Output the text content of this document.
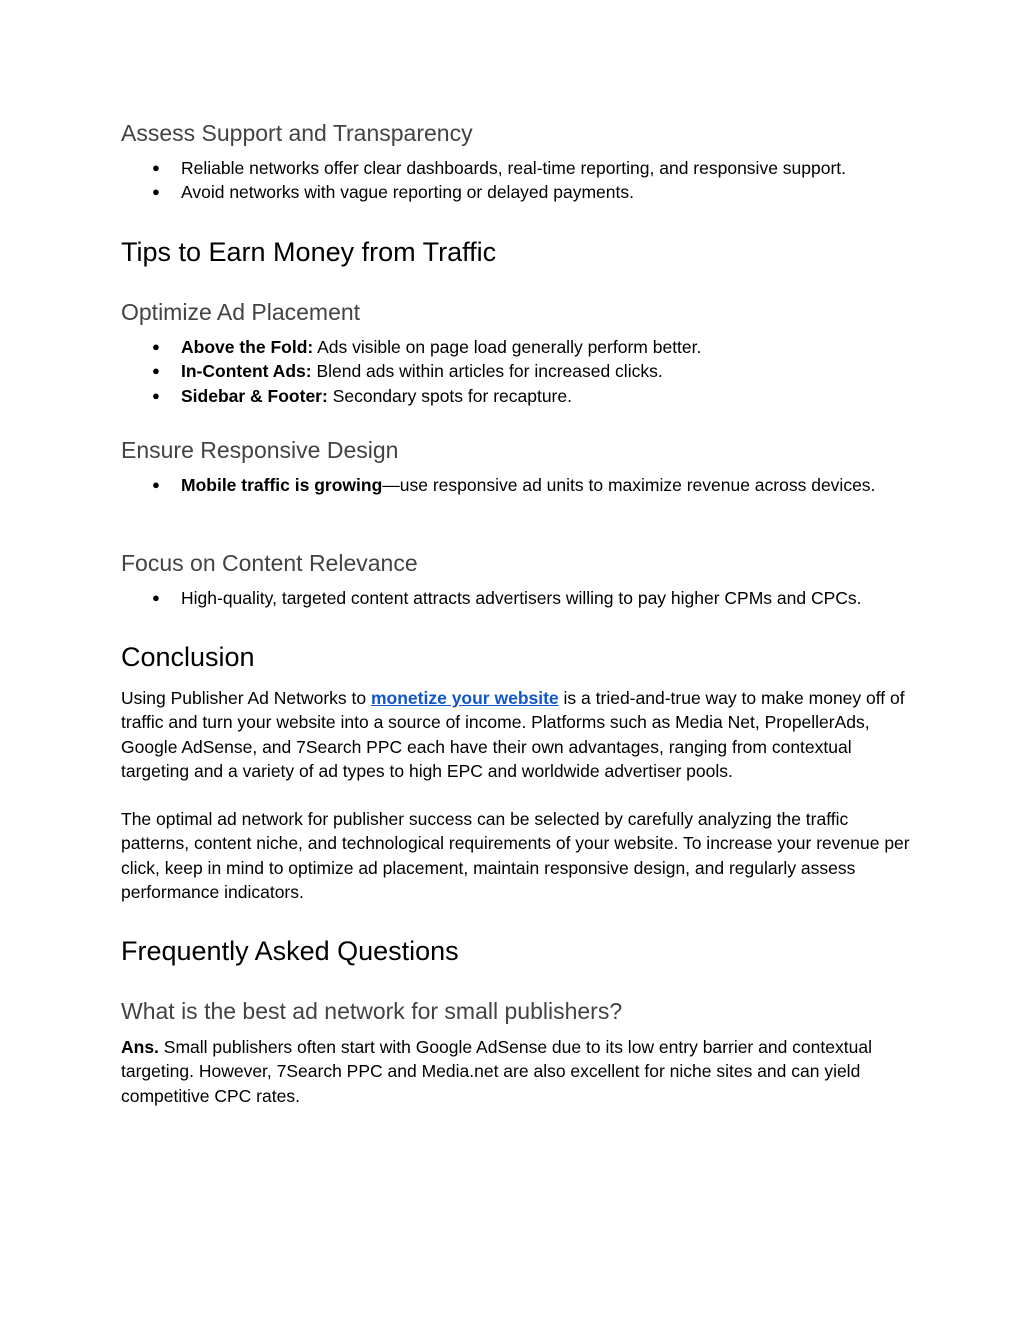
Assess Support and Transparency
● Reliable networks offer clear dashboards, real-time reporting, and responsive support.
● Avoid networks with vague reporting or delayed payments.
Tips to Earn Money from Traffic
Optimize Ad Placement
● Above the Fold: Ads visible on page load generally perform better.
● In-Content Ads: Blend ads within articles for increased clicks.
● Sidebar & Footer: Secondary spots for recapture.
Ensure Responsive Design
● Mobile traffic is growing—use responsive ad units to maximize revenue across devices.
Focus on Content Relevance
● High-quality, targeted content attracts advertisers willing to pay higher CPMs and CPCs.
Conclusion

Using Publisher Ad Networks to monetize your website is a tried-and-true way to make money off of traffic and turn your website into a source of income. Platforms such as Media Net, PropellerAds, Google AdSense, and 7Search PPC each have their own advantages, ranging from contextual targeting and a variety of ad types to high EPC and worldwide advertiser pools.

The optimal ad network for publisher success can be selected by carefully analyzing the traffic patterns, content niche, and technological requirements of your website. To increase your revenue per click, keep in mind to optimize ad placement, maintain responsive design, and regularly assess performance indicators.

Frequently Asked Questions
What is the best ad network for small publishers?

Ans. Small publishers often start with Google AdSense due to its low entry barrier and contextual targeting. However, 7Search PPC and Media.net are also excellent for niche sites and can yield competitive CPC rates.
